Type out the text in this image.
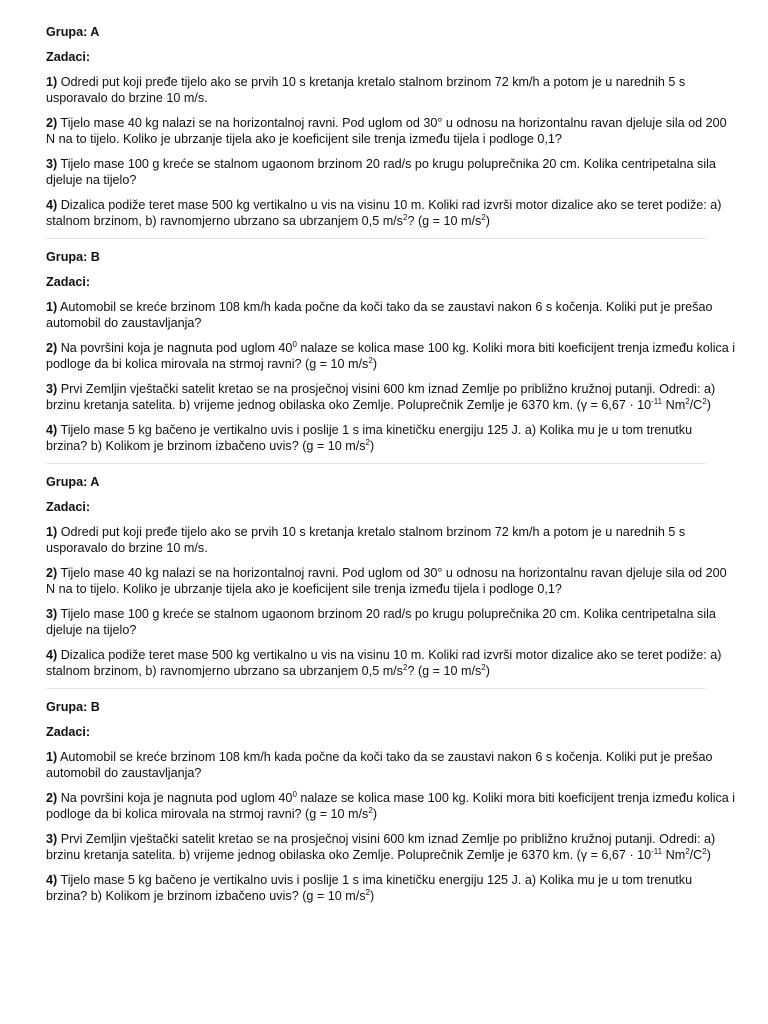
Grupa: A
Zadaci:
1) Odredi put koji pređe tijelo ako se prvih 10 s kretanja kretalo stalnom brzinom 72 km/h a potom je u narednih 5 s usporavalo do brzine 10 m/s.
2) Tijelo mase 40 kg nalazi se na horizontalnoj ravni. Pod uglom od 30° u odnosu na horizontalnu ravan djeluje sila od 200 N na to tijelo. Koliko je ubrzanje tijela ako je koeficijent sile trenja između tijela i podloge 0,1?
3) Tijelo mase 100 g kreće se stalnom ugaonom brzinom 20 rad/s po krugu poluprečnika 20 cm. Kolika centripetalna sila djeluje na tijelo?
4) Dizalica podiže teret mase 500 kg vertikalno u vis na visinu 10 m. Koliki rad izvrši motor dizalice ako se teret podiže: a) stalnom brzinom, b) ravnomjerno ubrzano sa ubrzanjem 0,5 $m/s^2$? (g = 10 $m/s^2$)
Grupa: B
Zadaci:
1) Automobil se kreće brzinom 108 km/h kada počne da koči tako da se zaustavi nakon 6 s kočenja. Koliki put je prešao automobil do zaustavljanja?
2) Na površini koja je nagnuta pod uglom $40^0$ nalaze se kolica mase 100 kg. Koliki mora biti koeficijent trenja između kolica i podloge da bi kolica mirovala na strmoj ravni? (g = 10 $m/s^2$)
3) Prvi Zemljin vještački satelit kretao se na prosječnoj visini 600 km iznad Zemlje po približno kružnoj putanji. Odredi: a) brzinu kretanja satelita. b) vrijeme jednog obilaska oko Zemlje. Poluprečnik Zemlje je 6370 km. ($\gamma = 6,67 \cdot 10^{-11}$ $Nm^2/C^2$)
4) Tijelo mase 5 kg bačeno je vertikalno uvis i poslije 1 s ima kinetičku energiju 125 J. a) Kolika mu je u tom trenutku brzina? b) Kolikom je brzinom izbačeno uvis? (g = 10 $m/s^2$)
Grupa: A
Zadaci:
1) Odredi put koji pređe tijelo ako se prvih 10 s kretanja kretalo stalnom brzinom 72 km/h a potom je u narednih 5 s usporavalo do brzine 10 m/s.
2) Tijelo mase 40 kg nalazi se na horizontalnoj ravni. Pod uglom od 30° u odnosu na horizontalnu ravan djeluje sila od 200 N na to tijelo. Koliko je ubrzanje tijela ako je koeficijent sile trenja između tijela i podloge 0,1?
3) Tijelo mase 100 g kreće se stalnom ugaonom brzinom 20 rad/s po krugu poluprečnika 20 cm. Kolika centripetalna sila djeluje na tijelo?
4) Dizalica podiže teret mase 500 kg vertikalno u vis na visinu 10 m. Koliki rad izvrši motor dizalice ako se teret podiže: a) stalnom brzinom, b) ravnomjerno ubrzano sa ubrzanjem 0,5 $m/s^2$? (g = 10 $m/s^2$)
Grupa: B
Zadaci:
1) Automobil se kreće brzinom 108 km/h kada počne da koči tako da se zaustavi nakon 6 s kočenja. Koliki put je prešao automobil do zaustavljanja?
2) Na površini koja je nagnuta pod uglom $40^0$ nalaze se kolica mase 100 kg. Koliki mora biti koeficijent trenja između kolica i podloge da bi kolica mirovala na strmoj ravni? (g = 10 $m/s^2$)
3) Prvi Zemljin vještački satelit kretao se na prosječnoj visini 600 km iznad Zemlje po približno kružnoj putanji. Odredi: a) brzinu kretanja satelita. b) vrijeme jednog obilaska oko Zemlje. Poluprečnik Zemlje je 6370 km. ($\gamma = 6,67 \cdot 10^{-11}$ $Nm^2/C^2$)
4) Tijelo mase 5 kg bačeno je vertikalno uvis i poslije 1 s ima kinetičku energiju 125 J. a) Kolika mu je u tom trenutku brzina? b) Kolikom je brzinom izbačeno uvis? (g = 10 $m/s^2$)
